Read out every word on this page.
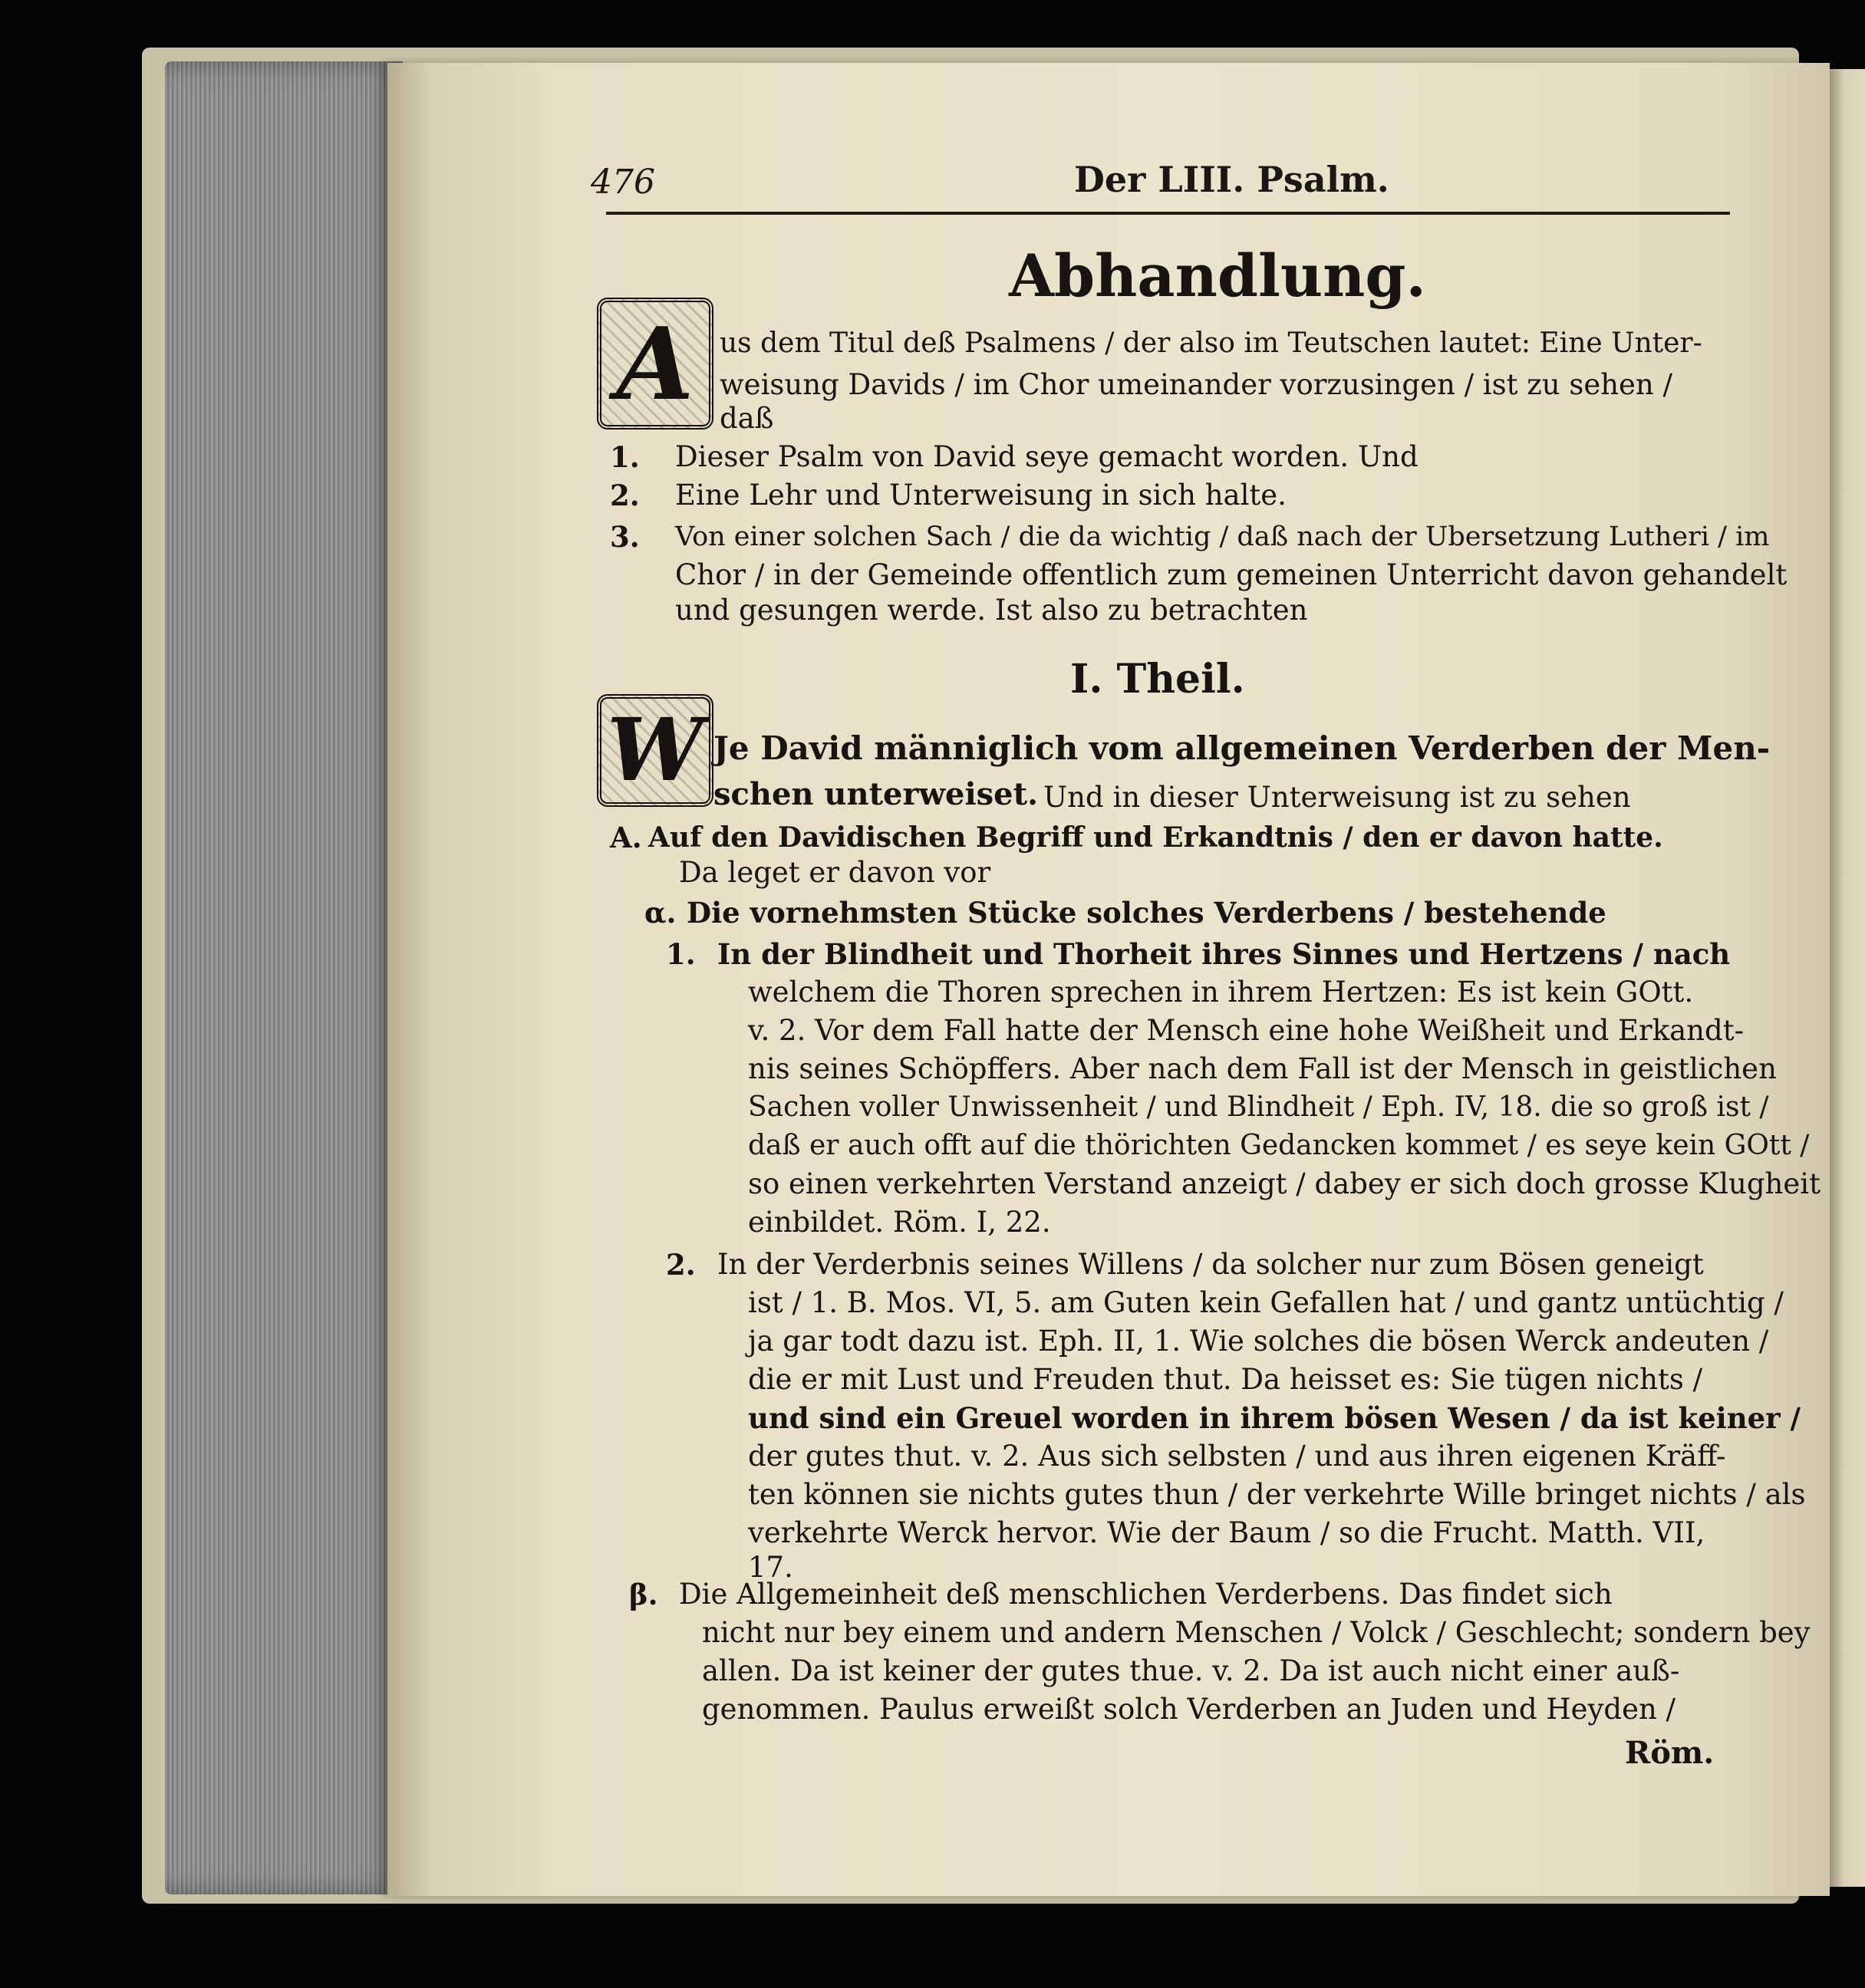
476	Der LIII. Psalm.
Abhandlung.
A us dem Titul deß Psalmens / der also im Teutschen lautet: Eine Unter-
weisung Davids / im Chor umeinander vorzusingen / ist zu sehen /
daß
1. Dieser Psalm von David seye gemacht worden. Und
2. Eine Lehr und Unterweisung in sich halte.
3. Von einer solchen Sach / die da wichtig / daß nach der Ubersetzung Lutheri / im
Chor / in der Gemeinde offentlich zum gemeinen Unterricht davon gehandelt
und gesungen werde. Ist also zu betrachten
I. Theil.
W Je David männiglich vom allgemeinen Verderben der Men-
schen unterweiset. Und in dieser Unterweisung ist zu sehen
A. Auf den Davidischen Begriff und Erkandtnis / den er davon hatte.
Da leget er davon vor
α. Die vornehmsten Stücke solches Verderbens / bestehende
1. In der Blindheit und Thorheit ihres Sinnes und Hertzens / nach
welchem die Thoren sprechen in ihrem Hertzen: Es ist kein GOtt.
v. 2. Vor dem Fall hatte der Mensch eine hohe Weißheit und Erkandt-
nis seines Schöpffers. Aber nach dem Fall ist der Mensch in geistlichen
Sachen voller Unwissenheit / und Blindheit / Eph. IV, 18. die so groß ist /
daß er auch offt auf die thörichten Gedancken kommet / es seye kein GOtt /
so einen verkehrten Verstand anzeigt / dabey er sich doch grosse Klugheit
einbildet. Röm. I, 22.
2. In der Verderbnis seines Willens / da solcher nur zum Bösen geneigt
ist / 1. B. Mos. VI, 5. am Guten kein Gefallen hat / und gantz untüchtig /
ja gar todt dazu ist. Eph. II, 1. Wie solches die bösen Werck andeuten /
die er mit Lust und Freuden thut. Da heisset es: Sie tügen nichts /
und sind ein Greuel worden in ihrem bösen Wesen / da ist keiner /
der gutes thut. v. 2. Aus sich selbsten / und aus ihren eigenen Kräff-
ten können sie nichts gutes thun / der verkehrte Wille bringet nichts / als
verkehrte Werck hervor. Wie der Baum / so die Frucht. Matth. VII,
17.
β. Die Allgemeinheit deß menschlichen Verderbens. Das findet sich
nicht nur bey einem und andern Menschen / Volck / Geschlecht; sondern bey
allen. Da ist keiner der gutes thue. v. 2. Da ist auch nicht einer auß-
genommen. Paulus erweißt solch Verderben an Juden und Heyden /
Röm.
